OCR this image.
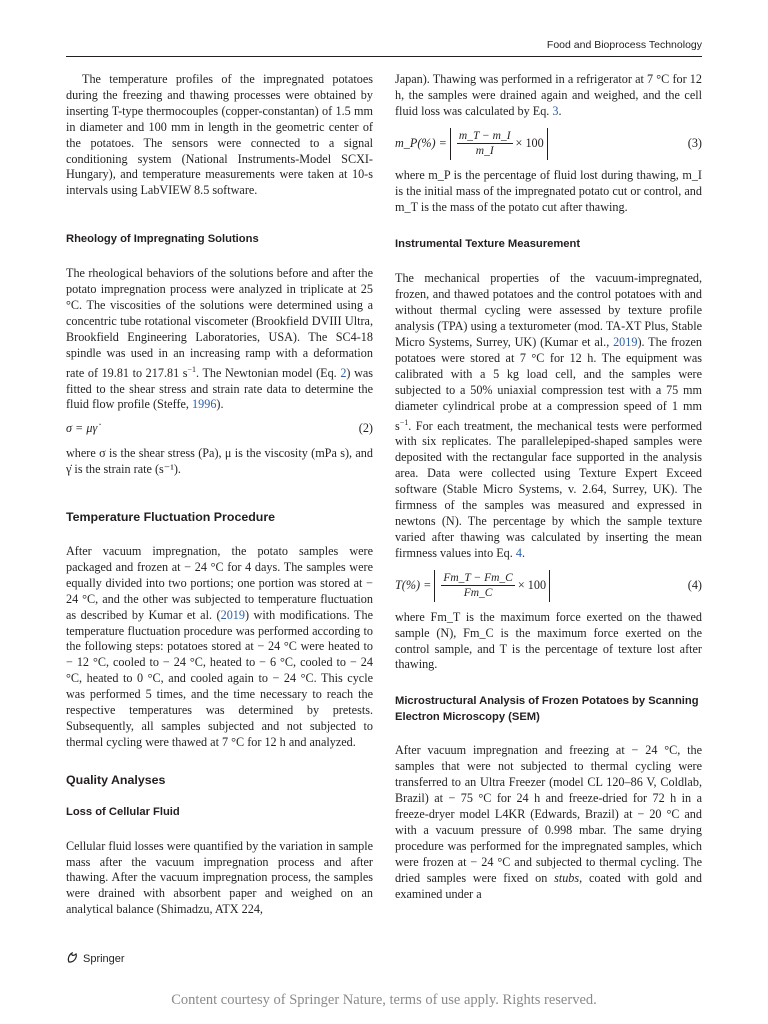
Food and Bioprocess Technology

The temperature profiles of the impregnated potatoes during the freezing and thawing processes were obtained by inserting T-type thermocouples (copper-constantan) of 1.5 mm in diameter and 100 mm in length in the geometric center of the potatoes. The sensors were connected to a signal conditioning system (National Instruments-Model SCXI-Hungary), and temperature measurements were taken at 10-s intervals using LabVIEW 8.5 software.

Rheology of Impregnating Solutions

The rheological behaviors of the solutions before and after the potato impregnation process were analyzed in triplicate at 25 °C. The viscosities of the solutions were determined using a concentric tube rotational viscometer (Brookfield DVIII Ultra, Brookfield Engineering Laboratories, USA). The SC4-18 spindle was used in an increasing ramp with a deformation rate of 19.81 to 217.81 $s^{-1}$. The Newtonian model (Eq. 2) was fitted to the shear stress and strain rate data to determine the fluid flow profile (Steffe, 1996).

σ = μγ̇	(2)

where σ is the shear stress (Pa), μ is the viscosity (mPa s), and γ̇ is the strain rate (s⁻¹).

Temperature Fluctuation Procedure

After vacuum impregnation, the potato samples were packaged and frozen at − 24 °C for 4 days. The samples were equally divided into two portions; one portion was stored at − 24 °C, and the other was subjected to temperature fluctuation as described by Kumar et al. (2019) with modifications. The temperature fluctuation procedure was performed according to the following steps: potatoes stored at − 24 °C were heated to − 12 °C, cooled to − 24 °C, heated to − 6 °C, cooled to − 24 °C, heated to 0 °C, and cooled again to − 24 °C. This cycle was performed 5 times, and the time necessary to reach the respective temperatures was determined by pretests. Subsequently, all samples subjected and not subjected to thermal cycling were thawed at 7 °C for 12 h and analyzed.

Quality Analyses
Loss of Cellular Fluid

Cellular fluid losses were quantified by the variation in sample mass after the vacuum impregnation process and after thawing. After the vacuum impregnation process, the samples were drained with absorbent paper and weighed on an analytical balance (Shimadzu, ATX 224,

Japan). Thawing was performed in a refrigerator at 7 °C for 12 h, the samples were drained again and weighed, and the cell fluid loss was calculated by Eq. 3.

m_P(%) = $\frac{m\_T - m\_I}{m\_I} \times 100$	(3)

where m_P is the percentage of fluid lost during thawing, m_I is the initial mass of the impregnated potato cut or control, and m_T is the mass of the potato cut after thawing.

Instrumental Texture Measurement

The mechanical properties of the vacuum-impregnated, frozen, and thawed potatoes and the control potatoes with and without thermal cycling were assessed by texture profile analysis (TPA) using a texturometer (mod. TA-XT Plus, Stable Micro Systems, Surrey, UK) (Kumar et al., 2019). The frozen potatoes were stored at 7 °C for 12 h. The equipment was calibrated with a 5 kg load cell, and the samples were subjected to a 50% uniaxial compression test with a 75 mm diameter cylindrical probe at a compression speed of 1 mm $s^{-1}$. For each treatment, the mechanical tests were performed with six replicates. The parallelepiped-shaped samples were deposited with the rectangular face supported in the analysis area. Data were collected using Texture Expert Exceed software (Stable Micro Systems, v. 2.64, Surrey, UK). The firmness of the samples was measured and expressed in newtons (N). The percentage by which the sample texture varied after thawing was calculated by inserting the mean firmness values into Eq. 4.

$T(\%) = \frac{Fm\_T - Fm\_C}{Fm\_C} \times 100$	(4)

where Fm_T is the maximum force exerted on the thawed sample (N), Fm_C is the maximum force exerted on the control sample, and T is the percentage of texture lost after thawing.

Microstructural Analysis of Frozen Potatoes by Scanning Electron Microscopy (SEM)

After vacuum impregnation and freezing at − 24 °C, the samples that were not subjected to thermal cycling were transferred to an Ultra Freezer (model CL 120–86 V, Coldlab, Brazil) at − 75 °C for 24 h and freeze-dried for 72 h in a freeze-dryer model L4KR (Edwards, Brazil) at − 20 °C and with a vacuum pressure of 0.998 mbar. The same drying procedure was performed for the impregnated samples, which were frozen at − 24 °C and subjected to thermal cycling. The dried samples were fixed on stubs, coated with gold and examined under a

Springer
Content courtesy of Springer Nature, terms of use apply. Rights reserved.
